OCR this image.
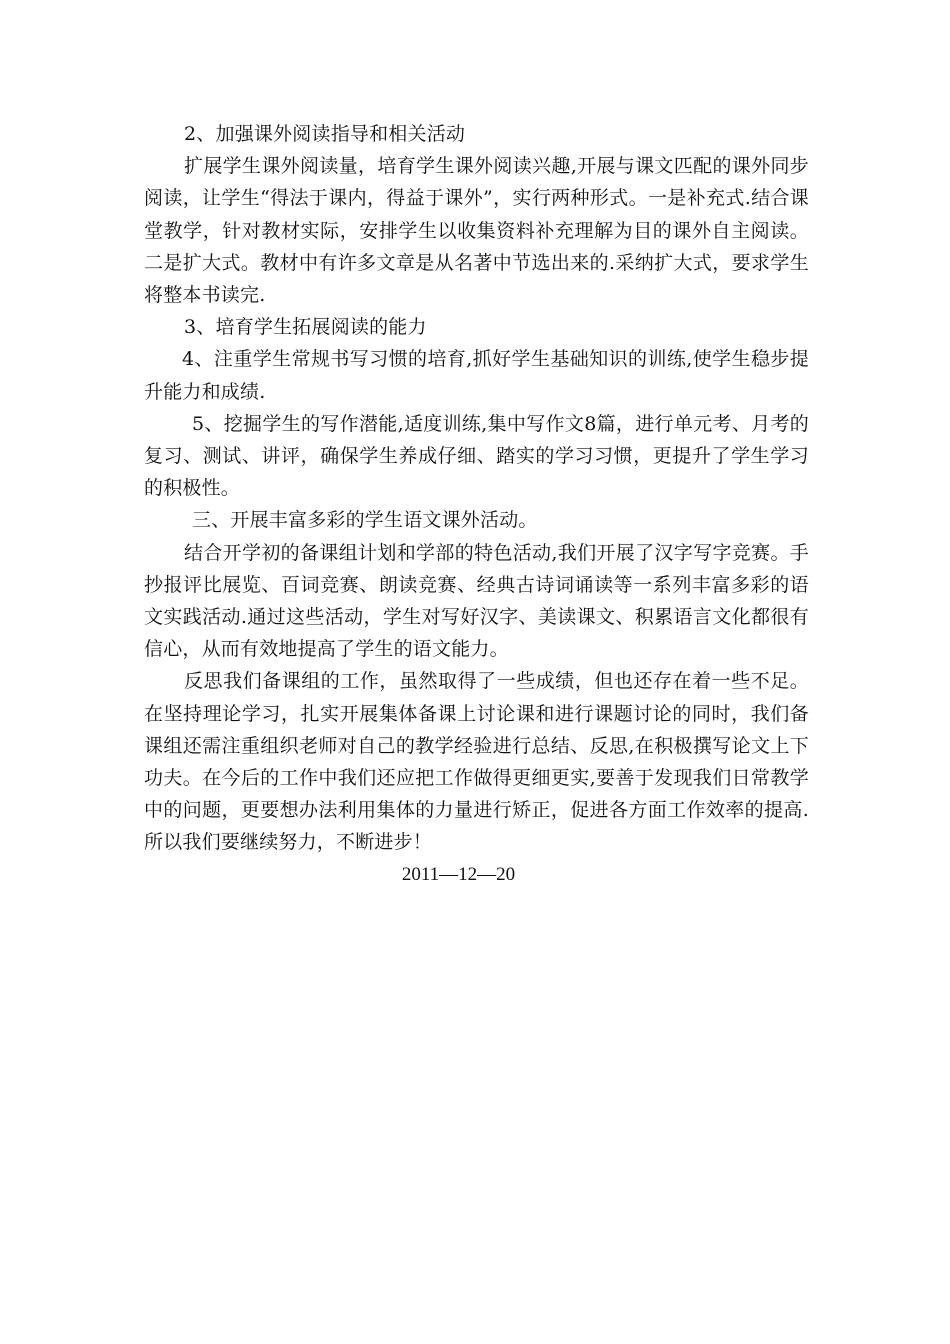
2、加强课外阅读指导和相关活动

扩展学生课外阅读量，培育学生课外阅读兴趣,开展与课文匹配的课外同步阅读，让学生“得法于课内，得益于课外”，实行两种形式。一是补充式.结合课堂教学，针对教材实际，安排学生以收集资料补充理解为目的课外自主阅读。二是扩大式。教材中有许多文章是从名著中节选出来的.采纳扩大式，要求学生将整本书读完.

3、培育学生拓展阅读的能力

4、注重学生常规书写习惯的培育,抓好学生基础知识的训练,使学生稳步提升能力和成绩.

5、挖掘学生的写作潜能,适度训练,集中写作文8篇，进行单元考、月考的复习、测试、讲评，确保学生养成仔细、踏实的学习习惯，更提升了学生学习的积极性。

三、开展丰富多彩的学生语文课外活动。

结合开学初的备课组计划和学部的特色活动,我们开展了汉字写字竞赛。手抄报评比展览、百词竞赛、朗读竞赛、经典古诗词诵读等一系列丰富多彩的语文实践活动.通过这些活动，学生对写好汉字、美读课文、积累语言文化都很有信心，从而有效地提高了学生的语文能力。

反思我们备课组的工作，虽然取得了一些成绩，但也还存在着一些不足。在坚持理论学习，扎实开展集体备课上讨论课和进行课题讨论的同时，我们备课组还需注重组织老师对自己的教学经验进行总结、反思,在积极撰写论文上下功夫。在今后的工作中我们还应把工作做得更细更实,要善于发现我们日常教学中的问题，更要想办法利用集体的力量进行矫正，促进各方面工作效率的提高.所以我们要继续努力，不断进步！

2011—12—20
